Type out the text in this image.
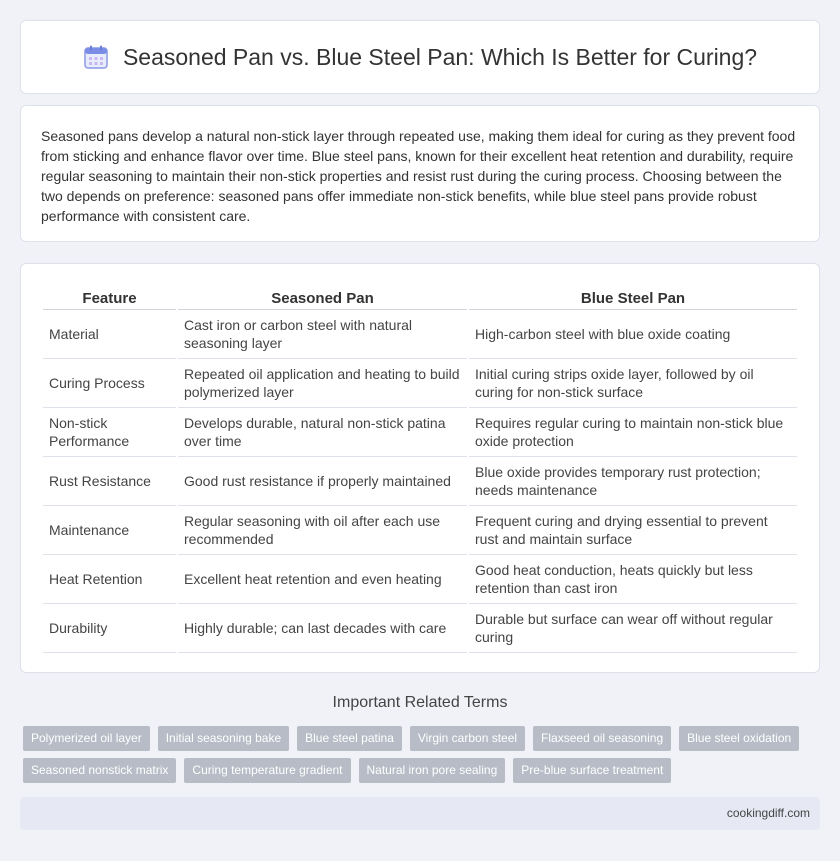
Seasoned Pan vs. Blue Steel Pan: Which Is Better for Curing?

Seasoned pans develop a natural non-stick layer through repeated use, making them ideal for curing as they prevent food from sticking and enhance flavor over time. Blue steel pans, known for their excellent heat retention and durability, require regular seasoning to maintain their non-stick properties and resist rust during the curing process. Choosing between the two depends on preference: seasoned pans offer immediate non-stick benefits, while blue steel pans provide robust performance with consistent care.

Feature	Seasoned Pan	Blue Steel Pan
Material	Cast iron or carbon steel with natural seasoning layer	High-carbon steel with blue oxide coating
Curing Process	Repeated oil application and heating to build polymerized layer	Initial curing strips oxide layer, followed by oil curing for non-stick surface
Non-stick Performance	Develops durable, natural non-stick patina over time	Requires regular curing to maintain non-stick blue oxide protection
Rust Resistance	Good rust resistance if properly maintained	Blue oxide provides temporary rust protection; needs maintenance
Maintenance	Regular seasoning with oil after each use recommended	Frequent curing and drying essential to prevent rust and maintain surface
Heat Retention	Excellent heat retention and even heating	Good heat conduction, heats quickly but less retention than cast iron
Durability	Highly durable; can last decades with care	Durable but surface can wear off without regular curing
Important Related Terms
Polymerized oil layer	Initial seasoning bake	Blue steel patina	Virgin carbon steel	Flaxseed oil seasoning	Blue steel oxidation
Seasoned nonstick matrix	Curing temperature gradient	Natural iron pore sealing	Pre-blue surface treatment
cookingdiff.com
